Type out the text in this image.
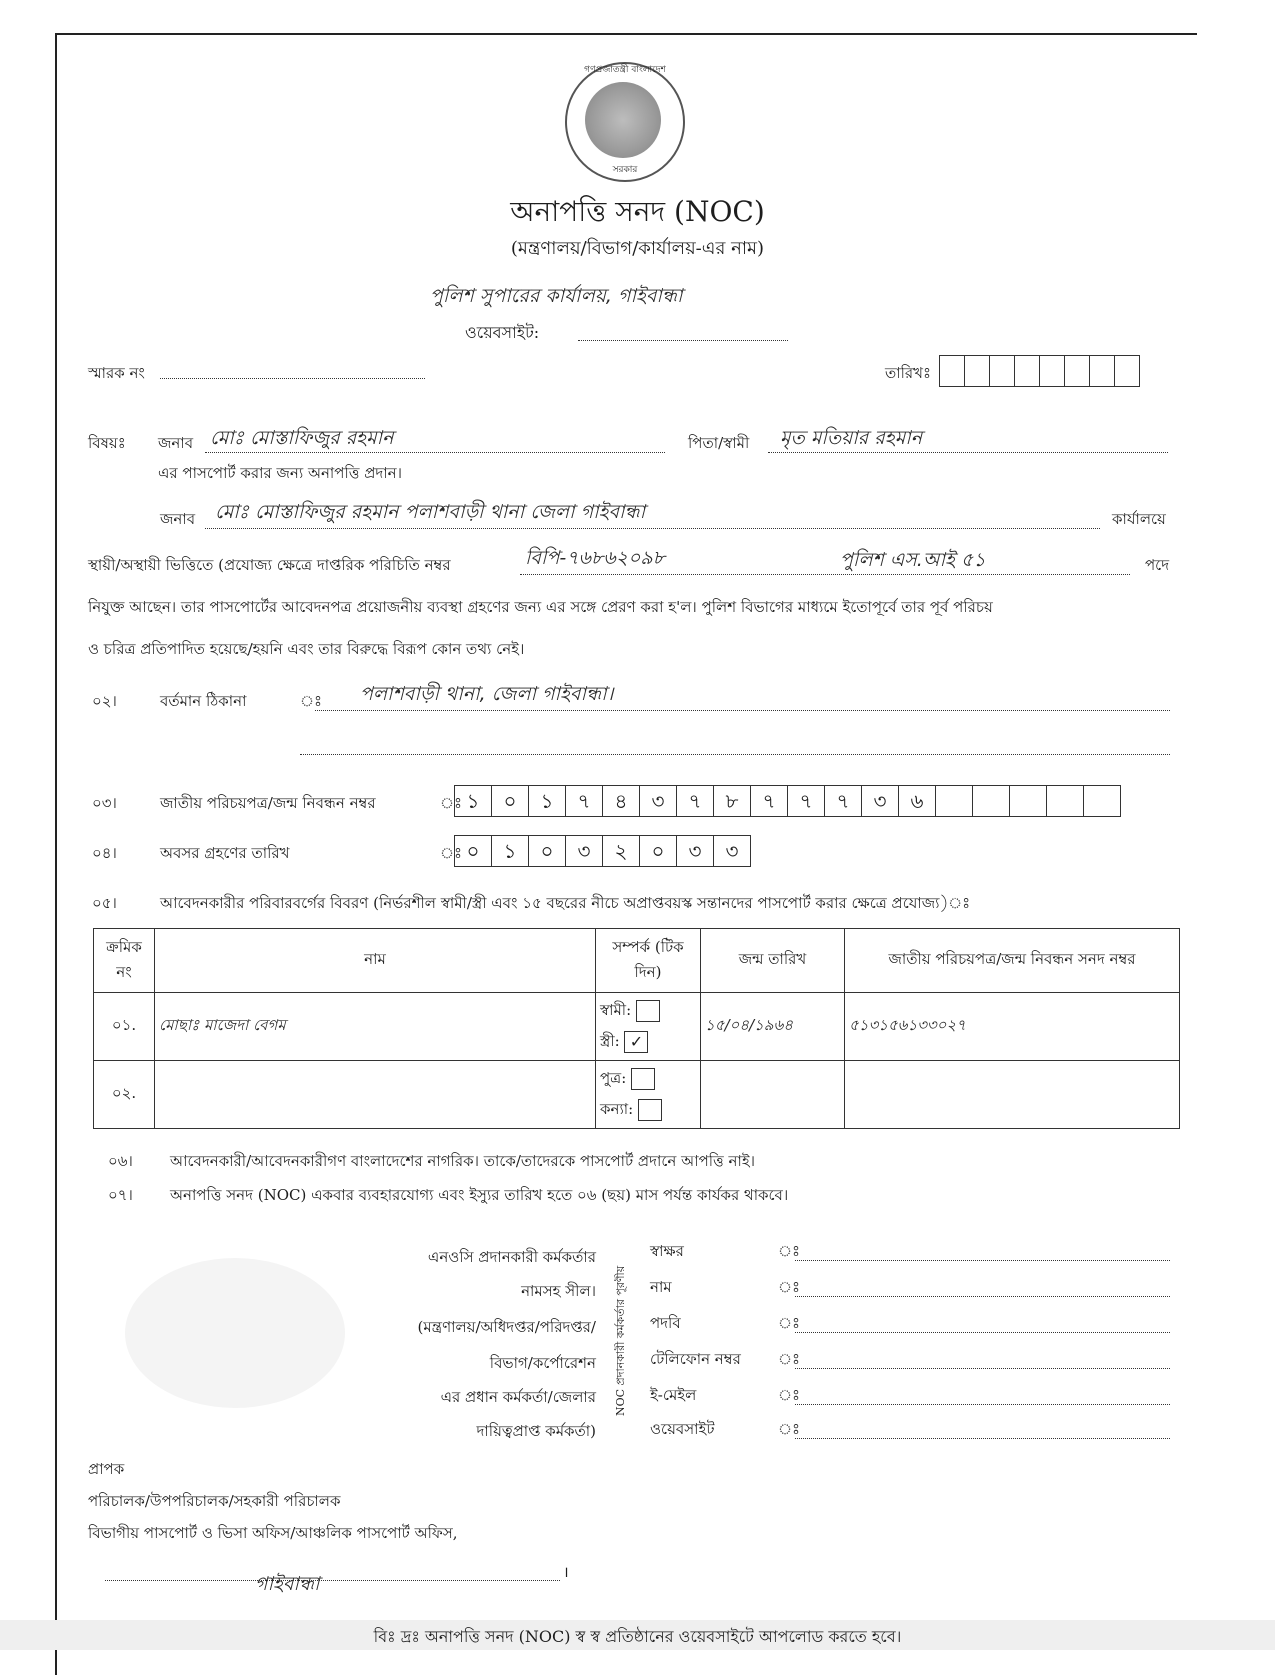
গণপ্রজাতন্ত্রী বাংলাদেশ
সরকার
অনাপত্তি সনদ (NOC)
(মন্ত্রণালয়/বিভাগ/কার্যালয়-এর নাম)
পুলিশ সুপারের কার্যালয়, গাইবান্ধা
ওয়েবসাইট:
স্মারক নং	তারিখঃ
বিষয়ঃ জনাব মোঃ মোস্তাফিজুর রহমান	পিতা/স্বামী মৃত মতিয়ার রহমান
এর পাসপোর্ট করার জন্য অনাপত্তি প্রদান।
জনাব মোঃ মোস্তাফিজুর রহমান পলাশবাড়ী থানা জেলা গাইবান্ধা	কার্যালয়ে
স্থায়ী/অস্থায়ী ভিত্তিতে (প্রযোজ্য ক্ষেত্রে দাপ্তরিক পরিচিতি নম্বর	বিপি-৭৬৮৬২০৯৮	পুলিশ এস.আই ৫১	পদে
নিযুক্ত আছেন। তার পাসপোর্টের আবেদনপত্র প্রয়োজনীয় ব্যবস্থা গ্রহণের জন্য এর সঙ্গে প্রেরণ করা হ'ল। পুলিশ বিভাগের মাধ্যমে ইতোপূর্বে তার পূর্ব পরিচয়
ও চরিত্র প্রতিপাদিত হয়েছে/হয়নি এবং তার বিরুদ্ধে বিরূপ কোন তথ্য নেই।
০২।	বর্তমান ঠিকানা	ঃ পলাশবাড়ী থানা, জেলা গাইবান্ধা।
০৩।	জাতীয় পরিচয়পত্র/জন্ম নিবন্ধন নম্বর	ঃ ১	০	১	৭	৪	৩	৭	৮	৭	৭	৭	৩	৬
০৪।	অবসর গ্রহণের তারিখ	ঃ ০	১	০	৩	২	০	৩	৩
০৫।	আবেদনকারীর পরিবারবর্গের বিবরণ (নির্ভরশীল স্বামী/স্ত্রী এবং ১৫ বছরের নীচে অপ্রাপ্তবয়স্ক সন্তানদের পাসপোর্ট করার ক্ষেত্রে প্রযোজ্য)ঃ
ক্রমিক নং	নাম	সম্পর্ক (টিক দিন)	জন্ম তারিখ	জাতীয় পরিচয়পত্র/জন্ম নিবন্ধন সনদ নম্বর
০১.	মোছাঃ মাজেদা বেগম	স্বামী:
স্ত্রী: ✓	১৫/০৪/১৯৬৪	৫১৩১৫৬১৩৩০২৭
০২.		পুত্র:
কন্যা:		

০৬। আবেদনকারী/আবেদনকারীগণ বাংলাদেশের নাগরিক। তাকে/তাদেরকে পাসপোর্ট প্রদানে আপত্তি নাই।
০৭। অনাপত্তি সনদ (NOC) একবার ব্যবহারযোগ্য এবং ইস্যুর তারিখ হতে ০৬ (ছয়) মাস পর্যন্ত কার্যকর থাকবে।
এনওসি প্রদানকারী কর্মকর্তার
নামসহ সীল।
(মন্ত্রণালয়/অধিদপ্তর/পরিদপ্তর/
বিভাগ/কর্পোরেশন
এর প্রধান কর্মকর্তা/জেলার
দায়িত্বপ্রাপ্ত কর্মকর্তা)
NOC প্রদানকারী কর্মকর্তার পূরণীয়
স্বাক্ষর	ঃ
নাম	ঃ
পদবি	ঃ
টেলিফোন নম্বর ঃ
ই-মেইল	ঃ
ওয়েবসাইট	ঃ
প্রাপক
পরিচালক/উপপরিচালক/সহকারী পরিচালক
বিভাগীয় পাসপোর্ট ও ভিসা অফিস/আঞ্চলিক পাসপোর্ট অফিস,
গাইবান্ধা
।
বিঃ দ্রঃ অনাপত্তি সনদ (NOC) স্ব স্ব প্রতিষ্ঠানের ওয়েবসাইটে আপলোড করতে হবে।
